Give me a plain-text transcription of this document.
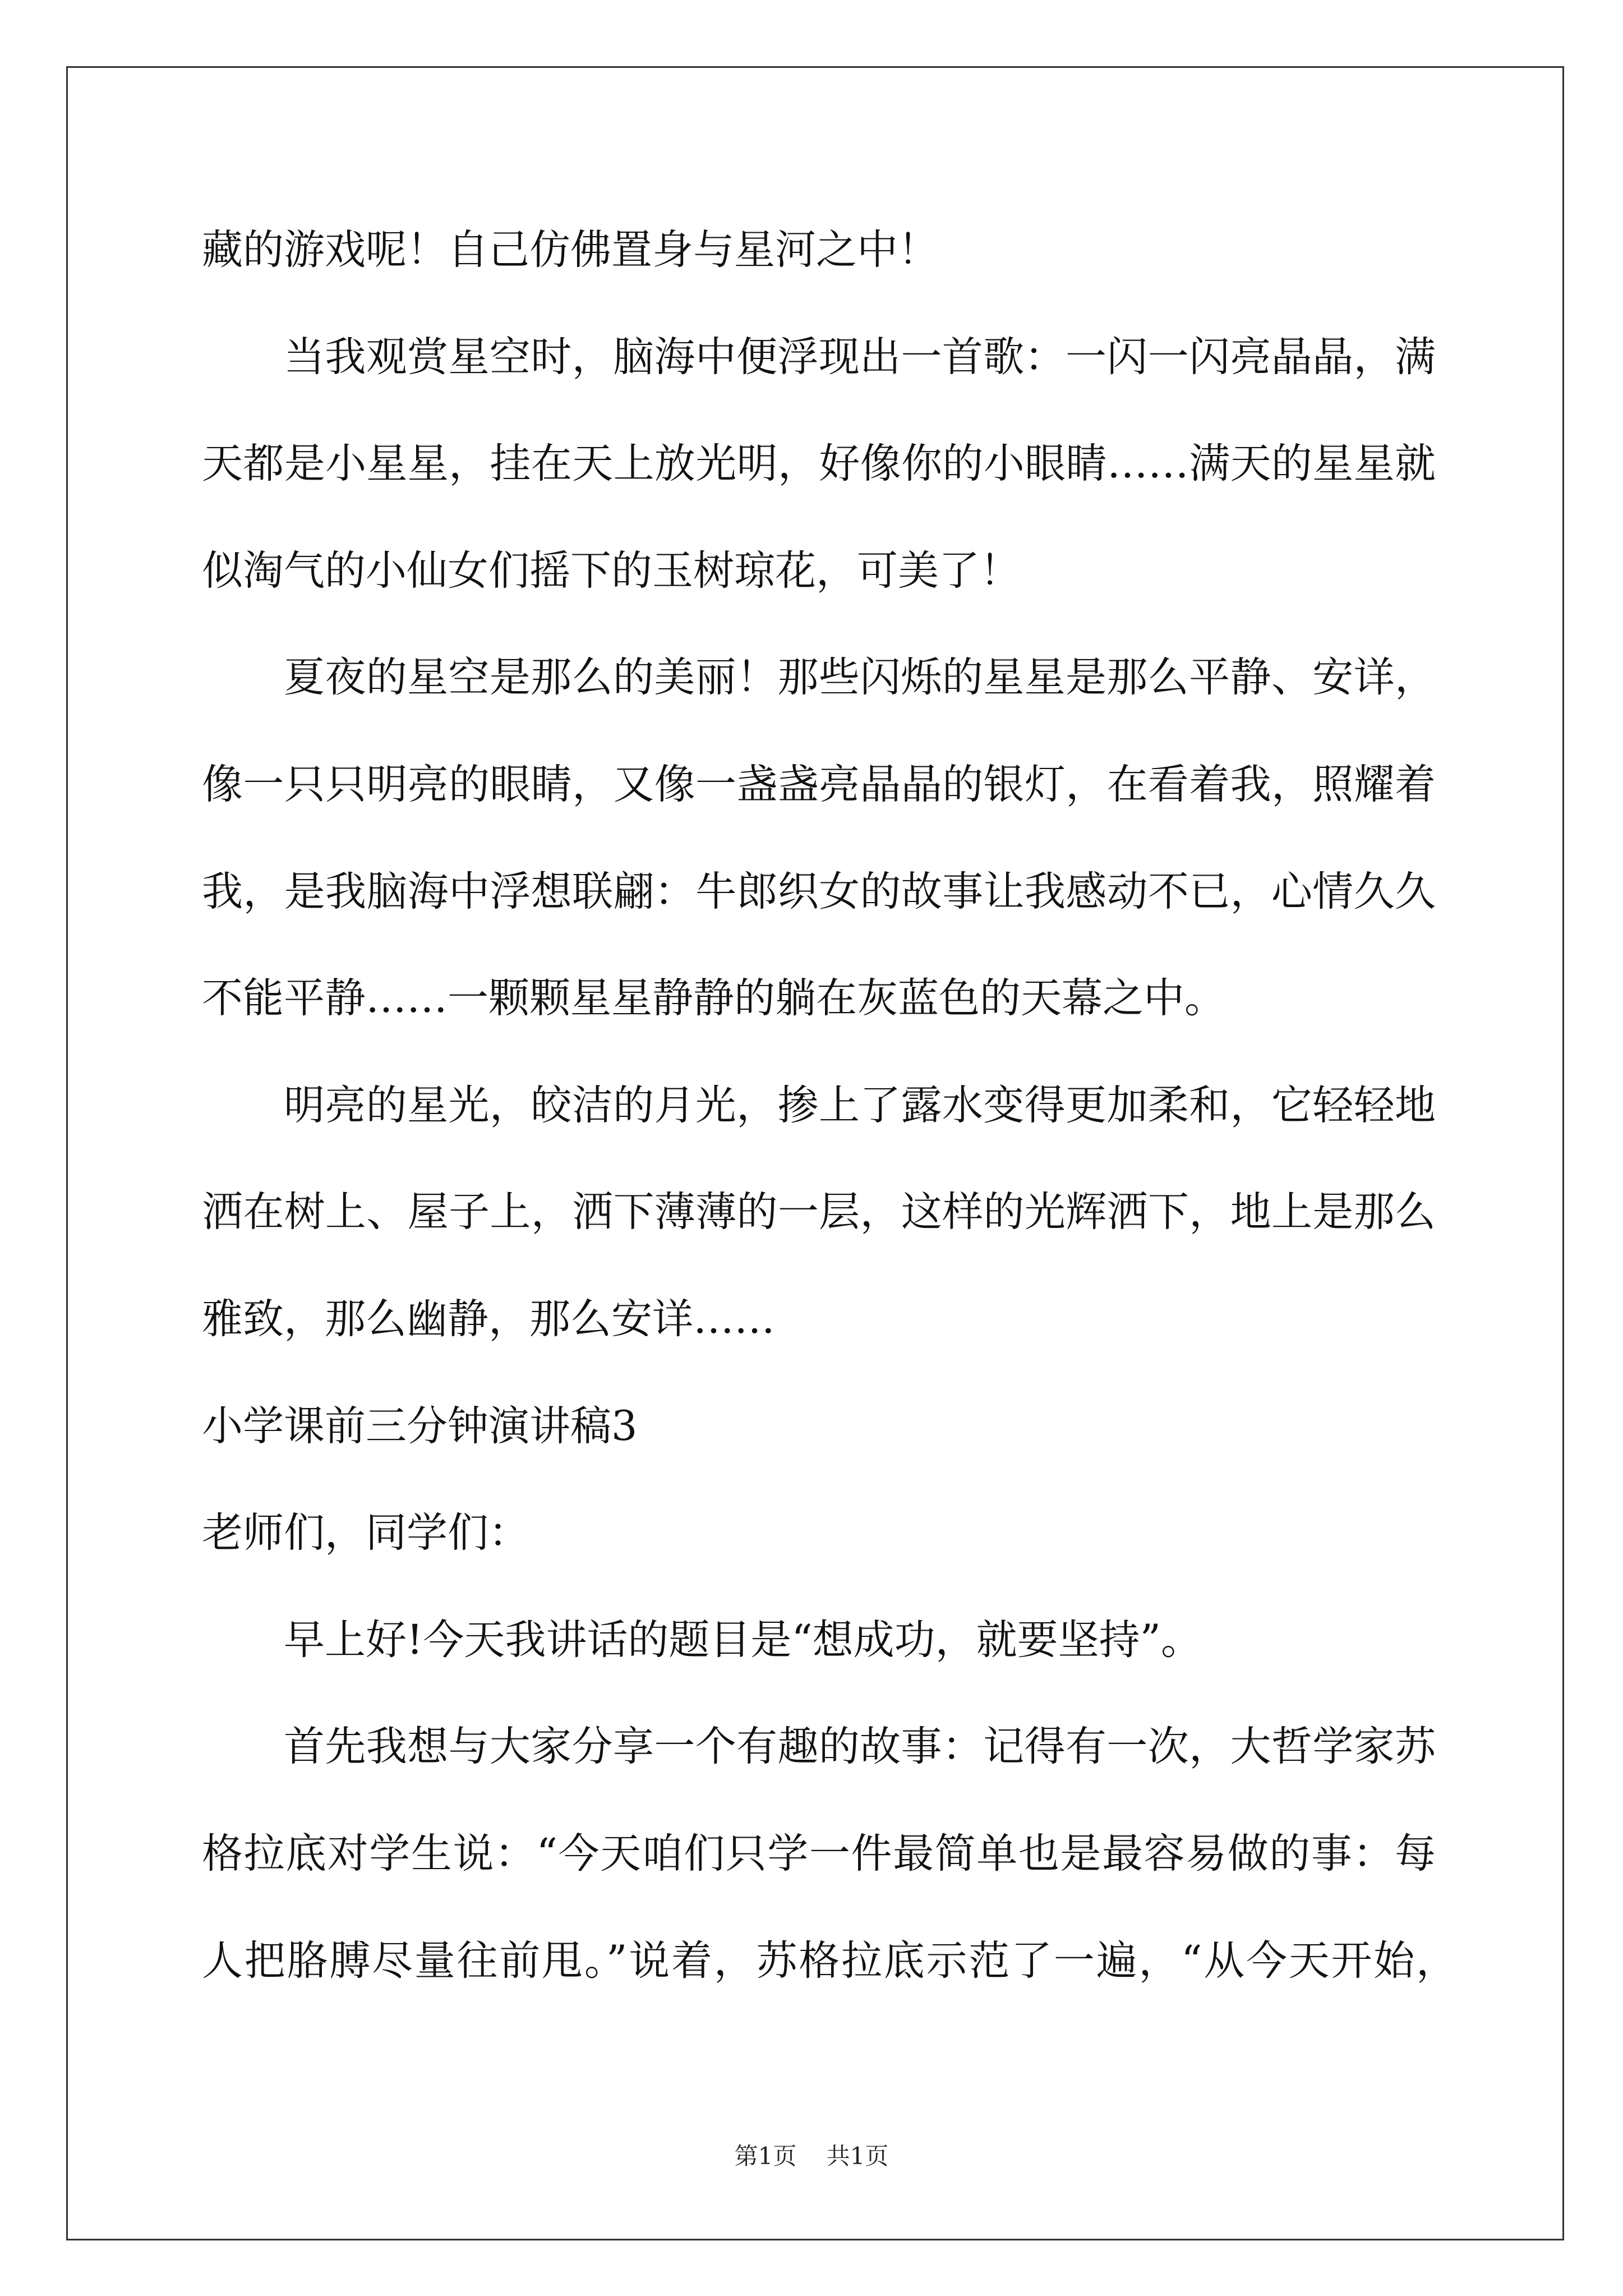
藏的游戏呢！自己仿佛置身与星河之中！
当我观赏星空时，脑海中便浮现出一首歌：一闪一闪亮晶晶，满
天都是小星星，挂在天上放光明，好像你的小眼睛……满天的星星就
似淘气的小仙女们摇下的玉树琼花，可美了！
夏夜的星空是那么的美丽！那些闪烁的星星是那么平静、安详，
像一只只明亮的眼睛，又像一盏盏亮晶晶的银灯，在看着我，照耀着
我，是我脑海中浮想联翩：牛郎织女的故事让我感动不已，心情久久
不能平静……一颗颗星星静静的躺在灰蓝色的天幕之中。
明亮的星光，皎洁的月光，掺上了露水变得更加柔和，它轻轻地
洒在树上、屋子上，洒下薄薄的一层，这样的光辉洒下，地上是那么
雅致，那么幽静，那么安详……
小学课前三分钟演讲稿3
老师们，同学们：
早上好!今天我讲话的题目是“想成功，就要坚持”。
首先我想与大家分享一个有趣的故事：记得有一次，大哲学家苏
格拉底对学生说：“今天咱们只学一件最简单也是最容易做的事：每
人把胳膊尽量往前甩。”说着，苏格拉底示范了一遍，“从今天开始，
第1页 共1页
